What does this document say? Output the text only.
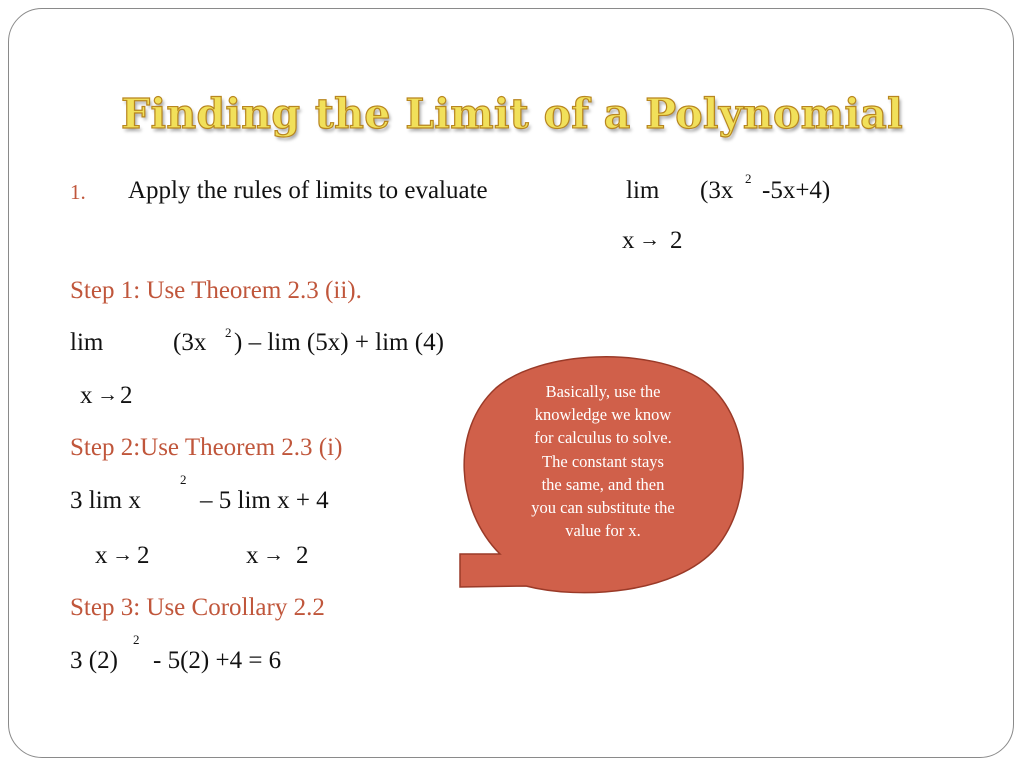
Finding the Limit of a Polynomial
1. Apply the rules of limits to evaluate	lim (3x 2 -5x+4)
x → 2
Step 1: Use Theorem 2.3 (ii).
lim	(3x 2 ) – lim (5x) + lim (4)
x → 2
Step 2:Use Theorem 2.3 (i)
3 lim x
2
– 5 lim x + 4
x → 2	x → 2
Step 3: Use Corollary 2.2
3 (2)
2
- 5(2) +4 = 6
Basically, use the
knowledge we know
for calculus to solve.
The constant stays
the same, and then
you can substitute the
value for x.
